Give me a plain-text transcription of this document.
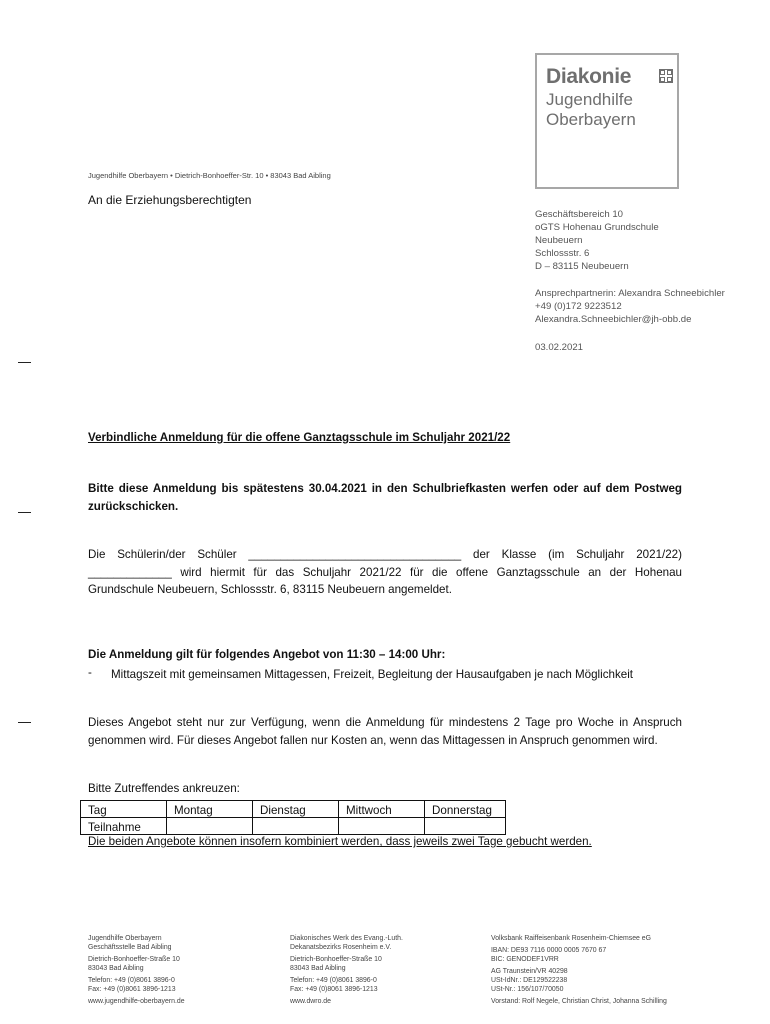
Diakonie
Jugendhilfe
Oberbayern
Jugendhilfe Oberbayern • Dietrich-Bonhoeffer-Str. 10 • 83043 Bad Aibling
An die Erziehungsberechtigten
Geschäftsbereich 10
oGTS Hohenau Grundschule
Neubeuern
Schlossstr. 6
D – 83115 Neubeuern
Ansprechpartnerin: Alexandra Schneebichler
+49 (0)172 9223512
Alexandra.Schneebichler@jh-obb.de
03.02.2021
Verbindliche Anmeldung für die offene Ganztagsschule im Schuljahr 2021/22
Bitte diese Anmeldung bis spätestens 30.04.2021 in den Schulbriefkasten werfen oder auf dem Postweg zurückschicken.
Die Schülerin/der Schüler _________________________________ der Klasse (im Schuljahr 2021/22) _____________ wird hiermit für das Schuljahr 2021/22 für die offene Ganztagsschule an der Hohenau Grundschule Neubeuern, Schlossstr. 6, 83115 Neubeuern angemeldet.
Die Anmeldung gilt für folgendes Angebot von 11:30 – 14:00 Uhr:
- Mittagszeit mit gemeinsamen Mittagessen, Freizeit, Begleitung der Hausaufgaben je nach Möglichkeit
Dieses Angebot steht nur zur Verfügung, wenn die Anmeldung für mindestens 2 Tage pro Woche in Anspruch genommen wird. Für dieses Angebot fallen nur Kosten an, wenn das Mittagessen in Anspruch genommen wird.
Bitte Zutreffendes ankreuzen:
Tag	Montag	Dienstag	Mittwoch	Donnerstag
Teilnahme				
Die beiden Angebote können insofern kombiniert werden, dass jeweils zwei Tage gebucht werden.
Jugendhilfe Oberbayern
Geschäftsstelle Bad Aibling
Dietrich-Bonhoeffer-Straße 10
83043 Bad Aibling
Telefon: +49 (0)8061 3896-0
Fax: +49 (0)8061 3896-1213
www.jugendhilfe-oberbayern.de
Diakonisches Werk des Evang.-Luth.
Dekanatsbezirks Rosenheim e.V.
Dietrich-Bonhoeffer-Straße 10
83043 Bad Aibling
Telefon: +49 (0)8061 3896-0
Fax: +49 (0)8061 3896-1213
www.dwro.de
Volksbank Raiffeisenbank Rosenheim-Chiemsee eG
IBAN: DE93 7116 0000 0005 7670 67
BIC: GENODEF1VRR
AG Traunstein/VR 40298
USt-IdNr.: DE129522238
USt-Nr.: 156/107/70050
Vorstand: Rolf Negele, Christian Christ, Johanna Schilling
